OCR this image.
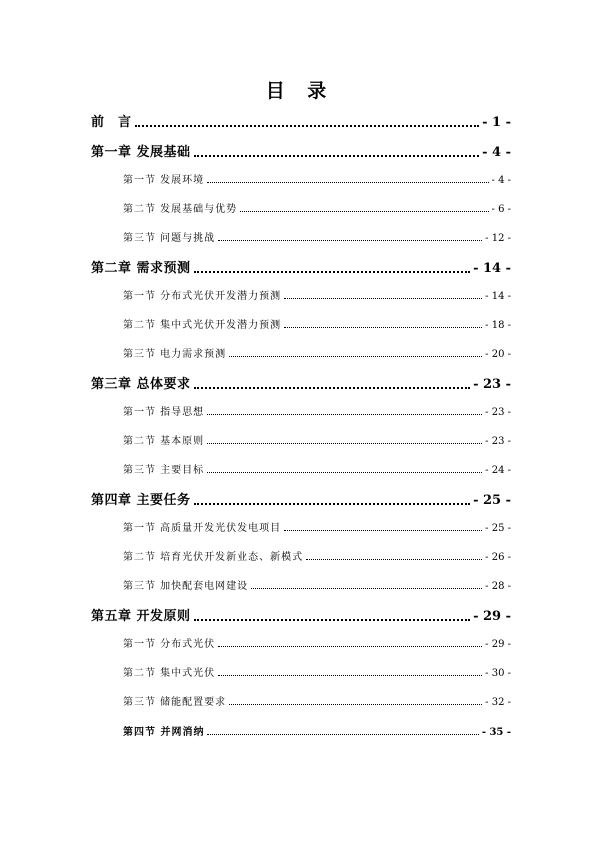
目 录
前　言	- 1 -
第一章 发展基础	- 4 -
第一节 发展环境	- 4 -
第二节 发展基础与优势	- 6 -
第三节 问题与挑战	- 12 -
第二章 需求预测	- 14 -
第一节 分布式光伏开发潜力预测	- 14 -
第二节 集中式光伏开发潜力预测	- 18 -
第三节 电力需求预测	- 20 -
第三章 总体要求	- 23 -
第一节 指导思想	- 23 -
第二节 基本原则	- 23 -
第三节 主要目标	- 24 -
第四章 主要任务	- 25 -
第一节 高质量开发光伏发电项目	- 25 -
第二节 培育光伏开发新业态、新模式	- 26 -
第三节 加快配套电网建设	- 28 -
第五章 开发原则	- 29 -
第一节 分布式光伏	- 29 -
第二节 集中式光伏	- 30 -
第三节 储能配置要求	- 32 -
第四节 并网消纳	- 35 -
